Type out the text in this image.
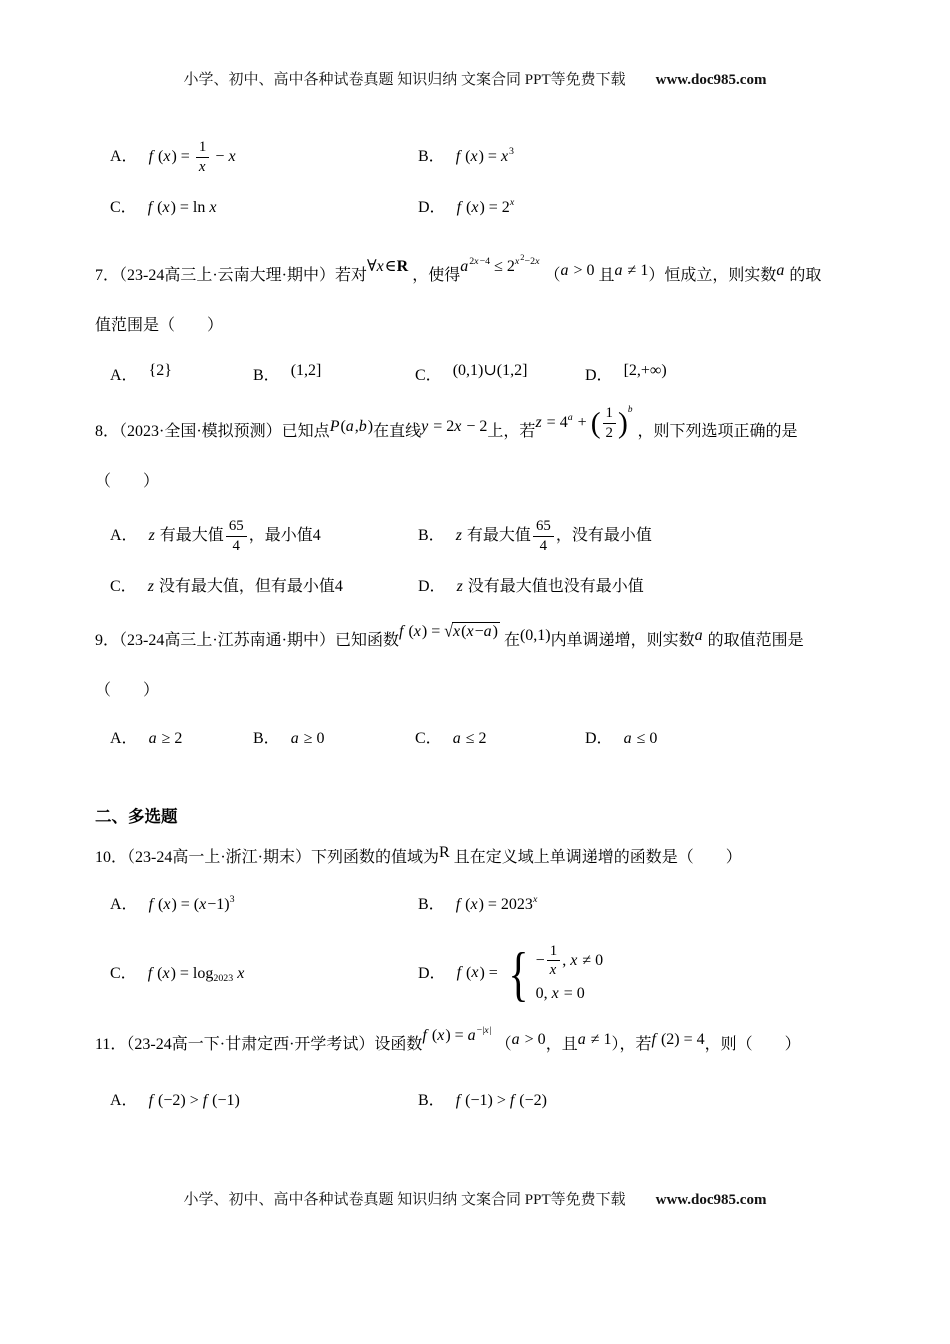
小学、初中、高中各种试卷真题 知识归纳 文案合同 PPT等免费下载 www.doc985.com
A． f $(x) = \frac{1}{x} - x$	B． f $(x) = x^3$
C． f (x) = ln x	D． f $(x) = 2^x$

7．（23-24高三上·云南大理·期中）若对∀x∈R ，使得$a^{2x-4} \le 2^{x^2-2x}$ （a > 0 且a ≠ 1）恒成立，则实数a 的取
值范围是（　　）

A． {2}	B． (1,2]	C． (0,1)∪(1,2]	D． [2,+∞)

8．（2023·全国·模拟预测）已知点P(a,b)在直线y = 2x − 2上，若$z = 4^a$ + ( $\frac{1}{2} )^b$ ，则下列选项正确的是
（　　）

A． z 有最大值 $\frac{65}{4}$ ，最小值4	B． z 有最大值 $\frac{65}{4}$ ，没有最小值
C． z 没有最大值，但有最小值4	D． z 没有最大值也没有最小值

9．（23-24高三上·江苏南通·期中）已知函数f (x) = √x(x−a) 在(0,1)内单调递增，则实数a 的取值范围是
（　　）

A． a ≥ 2	B． a ≥ 0	C． a ≤ 2	D． a ≤ 0
二、多选题

10．（23-24高一上·浙江·期末）下列函数的值域为R 且在定义域上单调递增的函数是（　　）

A． f $(x) = (x-1)^3$	B． f $(x) = 2023^x$
C． f $(x) = \log_{2023} x$	D． f (x) = { − $\frac{1}{x}$ , x ≠ 0
0, x = 0

11．（23-24高一下·甘肃定西·开学考试）设函数f $(x) = a^{-|x|}$ （a > 0，且a ≠ 1），若f (2) = 4，则（　　）

A． f (−2) > f (−1)	B． f (−1) > f (−2)
小学、初中、高中各种试卷真题 知识归纳 文案合同 PPT等免费下载 www.doc985.com
